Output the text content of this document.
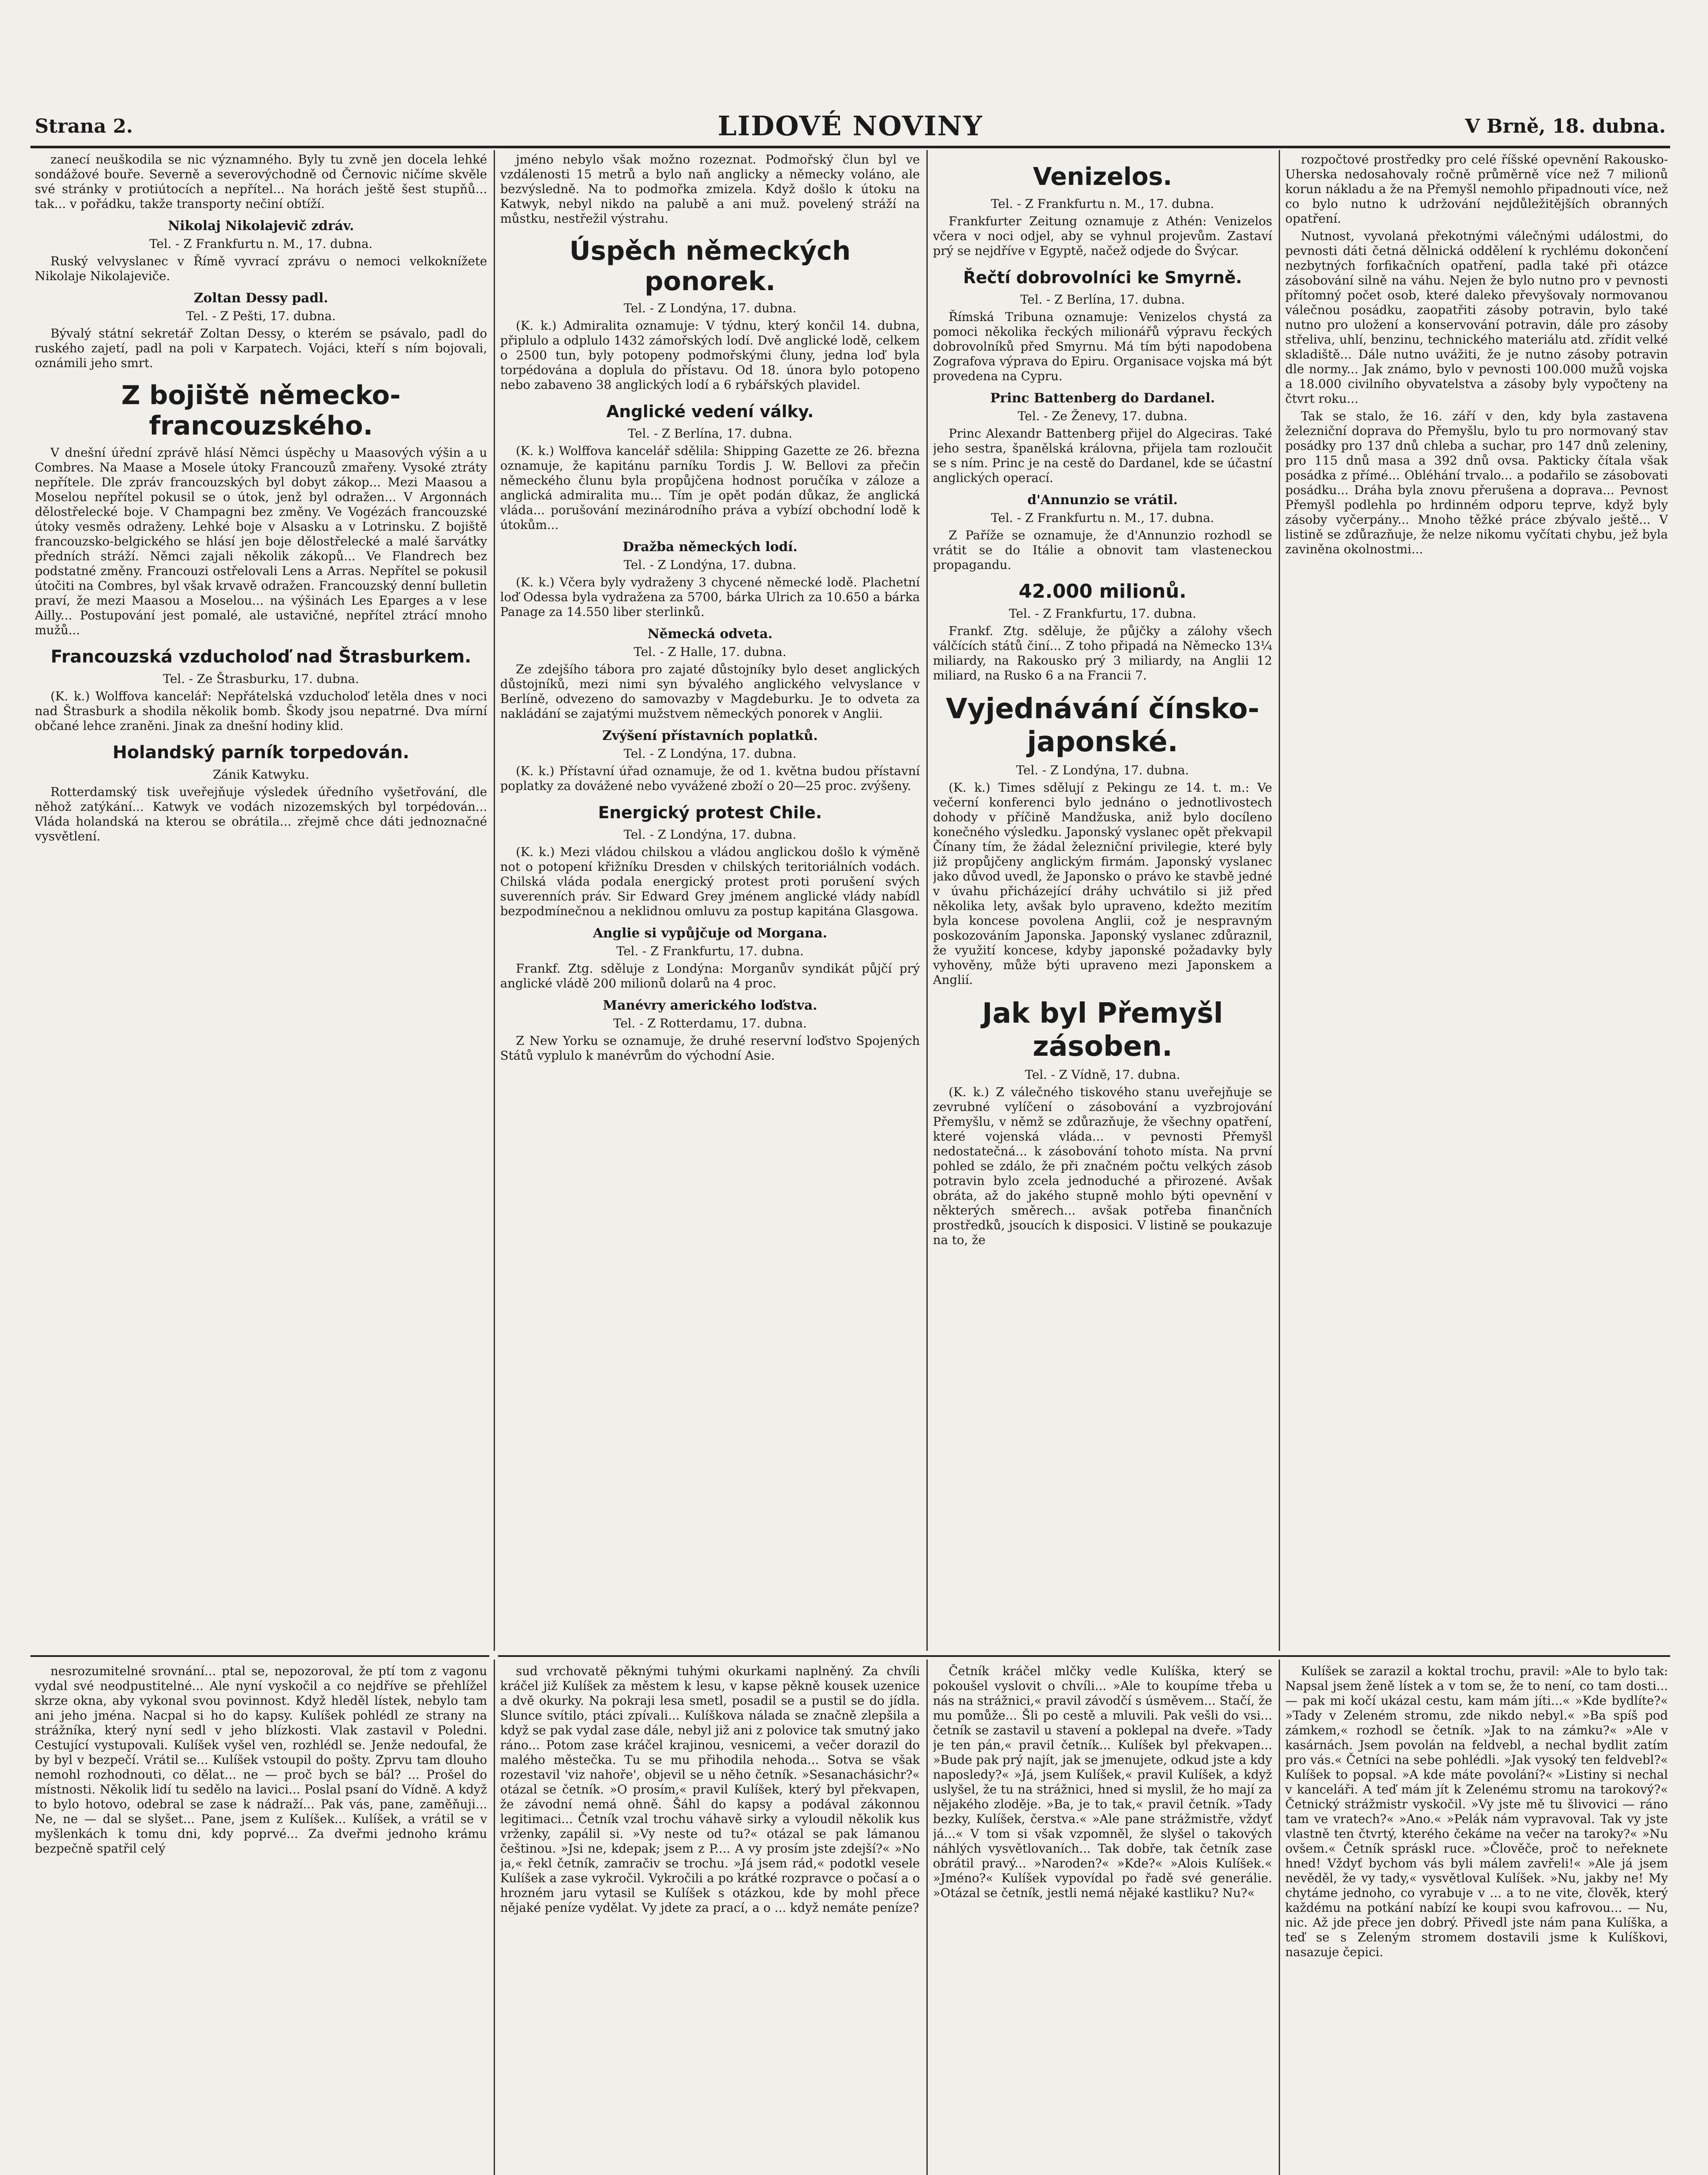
Strana 2.	LIDOVÉ NOVINY	V Brně, 18. dubna.

zanecí neuškodila se nic významného. Byly tu zvně jen docela lehké sondážové bouře. Severně a severovýchodně od Černovic ničíme skvěle své stránky v protiútocích a nepřítel... Na horách ještě šest stupňů... tak... v pořádku, takže transporty nečiní obtíží.

Nikolaj Nikolajevič zdráv.
Tel. - Z Frankfurtu n. M., 17. dubna.

Ruský velvyslanec v Římě vyvrací zprávu o nemoci velkoknížete Nikolaje Nikolajeviče.

Zoltan Dessy padl.
Tel. - Z Pešti, 17. dubna.

Bývalý státní sekretář Zoltan Dessy, o kterém se psávalo, padl do ruského zajetí, padl na poli v Karpatech. Vojáci, kteří s ním bojovali, oznámili jeho smrt.

Z bojiště německo-francouzského.

V dnešní úřední zprávě hlásí Němci úspěchy u Maasových výšin a u Combres. Na Maase a Mosele útoky Francouzů zmařeny. Vysoké ztráty nepřítele. Dle zpráv francouzských byl dobyt zákop... Mezi Maasou a Moselou nepřítel pokusil se o útok, jenž byl odražen... V Argonnách dělostřelecké boje. V Champagni bez změny. Ve Vogézách francouzské útoky vesměs odraženy. Lehké boje v Alsasku a v Lotrinsku. Z bojiště francouzsko-belgického se hlásí jen boje dělostřelecké a malé šarvátky předních stráží. Němci zajali několik zákopů... Ve Flandrech bez podstatné změny. Francouzi ostřelovali Lens a Arras. Nepřítel se pokusil útočiti na Combres, byl však krvavě odražen. Francouzský denní bulletin praví, že mezi Maasou a Moselou... na výšinách Les Eparges a v lese Ailly... Postupování jest pomalé, ale ustavičné, nepřítel ztrácí mnoho mužů...

Francouzská vzducholoď nad Štrasburkem.
Tel. - Ze Štrasburku, 17. dubna.

(K. k.) Wolffova kancelář: Nepřátelská vzducholoď letěla dnes v noci nad Štrasburk a shodila několik bomb. Škody jsou nepatrné. Dva mírní občané lehce zraněni. Jinak za dnešní hodiny klid.

Holandský parník torpedován.
Zánik Katwyku.

Rotterdamský tisk uveřejňuje výsledek úředního vyšetřování, dle něhož zatýkání... Katwyk ve vodách nizozemských byl torpédován... Vláda holandská na kterou se obrátila... zřejmě chce dáti jednoznačné vysvětlení.

jméno nebylo však možno rozeznat. Podmořský člun byl ve vzdálenosti 15 metrů a bylo naň anglicky a německy voláno, ale bezvýsledně. Na to podmořka zmizela. Když došlo k útoku na Katwyk, nebyl nikdo na palubě a ani muž. povelený stráží na můstku, nestřežil výstrahu.

Úspěch německých ponorek.
Tel. - Z Londýna, 17. dubna.

(K. k.) Admiralita oznamuje: V týdnu, který končil 14. dubna, připlulo a odplulo 1432 zámořských lodí. Dvě anglické lodě, celkem o 2500 tun, byly potopeny podmořskými čluny, jedna loď byla torpédována a doplula do přístavu. Od 18. února bylo potopeno nebo zabaveno 38 anglických lodí a 6 rybářských plavidel.

Anglické vedení války.
Tel. - Z Berlína, 17. dubna.

(K. k.) Wolffova kancelář sdělila: Shipping Gazette ze 26. března oznamuje, že kapitánu parníku Tordis J. W. Bellovi za přečin německého člunu byla propůjčena hodnost poručíka v záloze a anglická admiralita mu... Tím je opět podán důkaz, že anglická vláda... porušování mezinárodního práva a vybízí obchodní lodě k útokům...

Dražba německých lodí.
Tel. - Z Londýna, 17. dubna.

(K. k.) Včera byly vydraženy 3 chycené německé lodě. Plachetní loď Odessa byla vydražena za 5700, bárka Ulrich za 10.650 a bárka Panage za 14.550 liber sterlinků.

Německá odveta.
Tel. - Z Halle, 17. dubna.

Ze zdejšího tábora pro zajaté důstojníky bylo deset anglických důstojníků, mezi nimi syn bývalého anglického velvyslance v Berlíně, odvezeno do samovazby v Magdeburku. Je to odveta za nakládání se zajatými mužstvem německých ponorek v Anglii.

Zvýšení přístavních poplatků.
Tel. - Z Londýna, 17. dubna.

(K. k.) Přístavní úřad oznamuje, že od 1. května budou přístavní poplatky za dovážené nebo vyvážené zboží o 20—25 proc. zvýšeny.

Energický protest Chile.
Tel. - Z Londýna, 17. dubna.

(K. k.) Mezi vládou chilskou a vládou anglickou došlo k výměně not o potopení křižníku Dresden v chilských teritoriálních vodách. Chilská vláda podala energický protest proti porušení svých suverenních práv. Sir Edward Grey jménem anglické vlády nabídl bezpodmínečnou a neklidnou omluvu za postup kapitána Glasgowa.

Anglie si vypůjčuje od Morgana.
Tel. - Z Frankfurtu, 17. dubna.

Frankf. Ztg. sděluje z Londýna: Morganův syndikát půjčí prý anglické vládě 200 milionů dolarů na 4 proc.

Manévry amerického loďstva.
Tel. - Z Rotterdamu, 17. dubna.

Z New Yorku se oznamuje, že druhé reservní loďstvo Spojených Států vyplulo k manévrům do východní Asie.

Venizelos.
Tel. - Z Frankfurtu n. M., 17. dubna.

Frankfurter Zeitung oznamuje z Athén: Venizelos včera v noci odjel, aby se vyhnul projevům. Zastaví prý se nejdříve v Egyptě, načež odjede do Švýcar.

Řečtí dobrovolníci ke Smyrně.
Tel. - Z Berlína, 17. dubna.

Římská Tribuna oznamuje: Venizelos chystá za pomoci několika řeckých milionářů výpravu řeckých dobrovolníků před Smyrnu. Má tím býti napodobena Zografova výprava do Epiru. Organisace vojska má být provedena na Cypru.

Princ Battenberg do Dardanel.
Tel. - Ze Ženevy, 17. dubna.

Princ Alexandr Battenberg přijel do Algeciras. Také jeho sestra, španělská královna, přijela tam rozloučit se s ním. Princ je na cestě do Dardanel, kde se účastní anglických operací.

d'Annunzio se vrátil.
Tel. - Z Frankfurtu n. M., 17. dubna.

Z Paříže se oznamuje, že d'Annunzio rozhodl se vrátit se do Itálie a obnovit tam vlasteneckou propagandu.

42.000 milionů.
Tel. - Z Frankfurtu, 17. dubna.

Frankf. Ztg. sděluje, že půjčky a zálohy všech válčících států činí... Z toho připadá na Německo 13¼ miliardy, na Rakousko prý 3 miliardy, na Anglii 12 miliard, na Rusko 6 a na Francii 7.

Vyjednávání čínsko-japonské.
Tel. - Z Londýna, 17. dubna.

(K. k.) Times sdělují z Pekingu ze 14. t. m.: Ve večerní konferenci bylo jednáno o jednotlivostech dohody v příčině Mandžuska, aniž bylo docíleno konečného výsledku. Japonský vyslanec opět překvapil Čínany tím, že žádal železniční privilegie, které byly již propůjčeny anglickým firmám. Japonský vyslanec jako důvod uvedl, že Japonsko o právo ke stavbě jedné v úvahu přicházející dráhy uchvátilo si již před několika lety, avšak bylo upraveno, kdežto mezitím byla koncese povolena Anglii, což je nespravným poskozováním Japonska. Japonský vyslanec zdůraznil, že využití koncese, kdyby japonské požadavky byly vyhověny, může býti upraveno mezi Japonskem a Anglií.

Jak byl Přemyšl zásoben.
Tel. - Z Vídně, 17. dubna.

(K. k.) Z válečného tiskového stanu uveřejňuje se zevrubné vylíčení o zásobování a vyzbrojování Přemyšlu, v němž se zdůrazňuje, že všechny opatření, které vojenská vláda... v pevnosti Přemyšl nedostatečná... k zásobování tohoto místa. Na první pohled se zdálo, že při značném počtu velkých zásob potravin bylo zcela jednoduché a přirozené. Avšak obráta, až do jakého stupně mohlo býti opevnění v některých směrech... avšak potřeba finančních prostředků, jsoucích k disposici. V listině se poukazuje na to, že

rozpočtové prostředky pro celé říšské opevnění Rakousko-Uherska nedosahovaly ročně průměrně více než 7 milionů korun nákladu a že na Přemyšl nemohlo připadnouti více, než co bylo nutno k udržování nejdůležitějších obranných opatření.

Nutnost, vyvolaná překotnými válečnými událostmi, do pevnosti dáti četná dělnická oddělení k rychlému dokončení nezbytných forfikačních opatření, padla také při otázce zásobování silně na váhu. Nejen že bylo nutno pro v pevnosti přítomný počet osob, které daleko převyšovaly normovanou válečnou posádku, zaopatřiti zásoby potravin, bylo také nutno pro uložení a konservování potravin, dále pro zásoby střeliva, uhlí, benzinu, technického materiálu atd. zřídit velké skladiště... Dále nutno uvážiti, že je nutno zásoby potravin dle normy... Jak známo, bylo v pevnosti 100.000 mužů vojska a 18.000 civilního obyvatelstva a zásoby byly vypočteny na čtvrt roku...

Tak se stalo, že 16. září v den, kdy byla zastavena železniční doprava do Přemyšlu, bylo tu pro normovaný stav posádky pro 137 dnů chleba a suchar, pro 147 dnů zeleniny, pro 115 dnů masa a 392 dnů ovsa. Pakticky čítala však posádka z přímé... Obléhání trvalo... a podařilo se zásobovati posádku... Dráha byla znovu přerušena a doprava... Pevnost Přemyšl podlehla po hrdinném odporu teprve, když byly zásoby vyčerpány... Mnoho těžké práce zbývalo ještě... V listině se zdůrazňuje, že nelze nikomu vyčítati chybu, jež byla zaviněna okolnostmi...

nesrozumitelné srovnání... ptal se, nepozoroval, že ptí tom z vagonu vydal své neodpustitelné... Ale nyní vyskočil a co nejdříve se přehlížel skrze okna, aby vykonal svou povinnost. Když hleděl lístek, nebylo tam ani jeho jména. Nacpal si ho do kapsy. Kulíšek pohlédl ze strany na strážníka, který nyní sedl v jeho blízkosti. Vlak zastavil v Poledni. Cestující vystupovali. Kulíšek vyšel ven, rozhlédl se. Jenže nedoufal, že by byl v bezpečí. Vrátil se... Kulíšek vstoupil do pošty. Zprvu tam dlouho nemohl rozhodnouti, co dělat... ne — proč bych se bál? ... Prošel do místnosti. Několik lidí tu sedělo na lavici... Poslal psaní do Vídně. A když to bylo hotovo, odebral se zase k nádraží... Pak vás, pane, zaměňuji... Ne, ne — dal se slyšet... Pane, jsem z Kulíšek... Kulíšek, a vrátil se v myšlenkách k tomu dni, kdy poprvé... Za dveřmi jednoho krámu bezpečně spatřil celý

sud vrchovatě pěknými tuhými okurkami naplněný. Za chvíli kráčel již Kulíšek za městem k lesu, v kapse pěkně kousek uzenice a dvě okurky. Na pokraji lesa smetl, posadil se a pustil se do jídla. Slunce svítilo, ptáci zpívali... Kulíškova nálada se značně zlepšila a když se pak vydal zase dále, nebyl již ani z polovice tak smutný jako ráno... Potom zase kráčel krajinou, vesnicemi, a večer dorazil do malého městečka. Tu se mu přihodila nehoda... Sotva se však rozestavil 'viz nahoře', objevil se u něho četník. »Sesanachásichr?« otázal se četník. »O prosím,« pravil Kulíšek, který byl překvapen, že závodní nemá ohně. Šáhl do kapsy a podával zákonnou legitimaci... Četník vzal trochu váhavě sirky a vyloudil několik kus vrženky, zapálil si. »Vy neste od tu?« otázal se pak lámanou češtinou. »Jsi ne, kdepak; jsem z P.... A vy prosím jste zdejší?« »No ja,« řekl četník, zamračiv se trochu. »Já jsem rád,« podotkl vesele Kulíšek a zase vykročil. Vykročili a po krátké rozpravce o počasí a o hrozném jaru vytasil se Kulíšek s otázkou, kde by mohl přece nějaké peníze vydělat. Vy jdete za prací, a o ... když nemáte peníze?

Četník kráčel mlčky vedle Kulíška, který se pokoušel vyslovit o chvíli... »Ale to koupíme třeba u nás na strážnici,« pravil závodčí s úsměvem... Stačí, že mu pomůže... Šli po cestě a mluvili. Pak vešli do vsi... četník se zastavil u stavení a poklepal na dveře. »Tady je ten pán,« pravil četník... Kulíšek byl překvapen... »Bude pak prý najít, jak se jmenujete, odkud jste a kdy naposledy?« »Já, jsem Kulíšek,« pravil Kulíšek, a když uslyšel, že tu na strážnici, hned si myslil, že ho mají za nějakého zloděje. »Ba, je to tak,« pravil četník. »Tady bezky, Kulíšek, čerstva.« »Ale pane strážmistře, vždyť já...« V tom si však vzpomněl, že slyšel o takových náhlých vysvětlovaních... Tak dobře, tak četník zase obrátil pravý... »Naroden?« »Kde?« »Alois Kulíšek.« »Jméno?« Kulíšek vypovídal po řadě své generálie. »Otázal se četník, jestli nemá nějaké kastliku? Nu?«

Kulíšek se zarazil a koktal trochu, pravil: »Ale to bylo tak: Napsal jsem ženě lístek a v tom se, že to není, co tam dosti... — pak mi kočí ukázal cestu, kam mám jíti...« »Kde bydlíte?« »Tady v Zeleném stromu, zde nikdo nebyl.« »Ba spíš pod zámkem,« rozhodl se četník. »Jak to na zámku?« »Ale v kasárnách. Jsem povolán na feldvebl, a nechal bydlit zatím pro vás.« Četníci na sebe pohlédli. »Jak vysoký ten feldvebl?« Kulíšek to popsal. »A kde máte povolání?« »Listiny si nechal v kanceláři. A teď mám jít k Zelenému stromu na tarokový?« Četnický strážmistr vyskočil. »Vy jste mě tu šlivovici — ráno tam ve vratech?« »Ano.« »Pelák nám vypravoval. Tak vy jste vlastně ten čtvrtý, kterého čekáme na večer na taroky?« »Nu ovšem.« Četník spráskl ruce. »Člověče, proč to neřeknete hned! Vždyť bychom vás byli málem zavřeli!« »Ale já jsem nevěděl, že vy tady,« vysvětloval Kulíšek. »Nu, jakby ne! My chytáme jednoho, co vyrabuje v ... a to ne vite, člověk, který každému na potkání nabízí ke koupi svou kafrovou... — Nu, nic. Až jde přece jen dobrý. Přivedl jste nám pana Kulíška, a teď se s Zeleným stromem dostavili jsme k Kulíškovi, nasazuje čepici.
